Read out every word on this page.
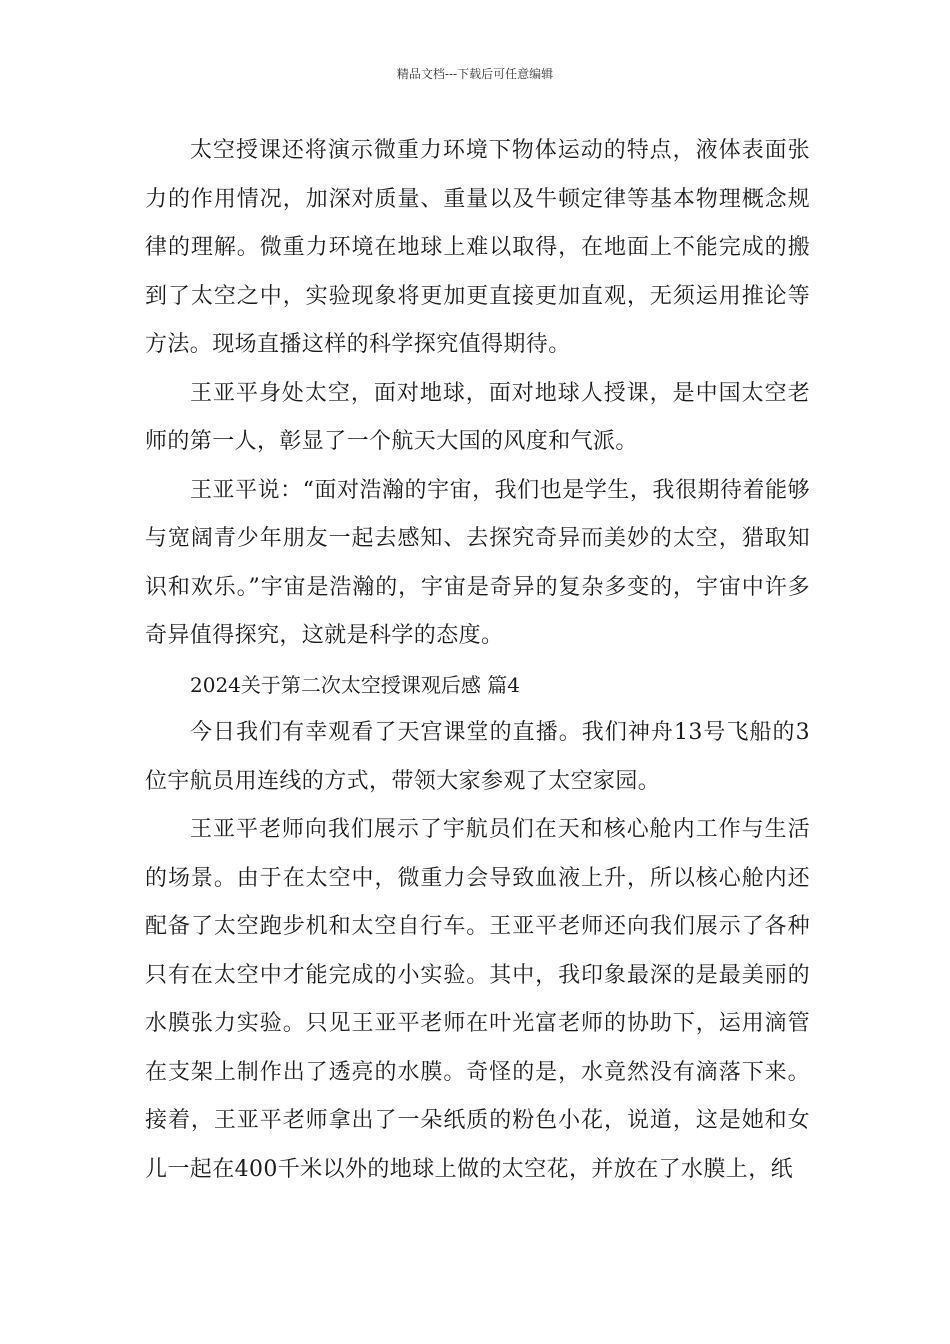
精品文档---下载后可任意编辑

太空授课还将演示微重力环境下物体运动的特点，液体表面张力的作用情况，加深对质量、重量以及牛顿定律等基本物理概念规律的理解。微重力环境在地球上难以取得，在地面上不能完成的搬到了太空之中，实验现象将更加更直接更加直观，无须运用推论等方法。现场直播这样的科学探究值得期待。

王亚平身处太空，面对地球，面对地球人授课，是中国太空老师的第一人，彰显了一个航天大国的风度和气派。

王亚平说：“面对浩瀚的宇宙，我们也是学生，我很期待着能够与宽阔青少年朋友一起去感知、去探究奇异而美妙的太空，猎取知识和欢乐。”宇宙是浩瀚的，宇宙是奇异的复杂多变的，宇宙中许多奇异值得探究，这就是科学的态度。

2024关于第二次太空授课观后感 篇4

今日我们有幸观看了天宫课堂的直播。我们神舟13号飞船的3位宇航员用连线的方式，带领大家参观了太空家园。

王亚平老师向我们展示了宇航员们在天和核心舱内工作与生活的场景。由于在太空中，微重力会导致血液上升，所以核心舱内还配备了太空跑步机和太空自行车。王亚平老师还向我们展示了各种只有在太空中才能完成的小实验。其中，我印象最深的是最美丽的水膜张力实验。只见王亚平老师在叶光富老师的协助下，运用滴管在支架上制作出了透亮的水膜。奇怪的是，水竟然没有滴落下来。接着，王亚平老师拿出了一朵纸质的粉色小花，说道，这是她和女儿一起在400千米以外的地球上做的太空花，并放在了水膜上，纸
